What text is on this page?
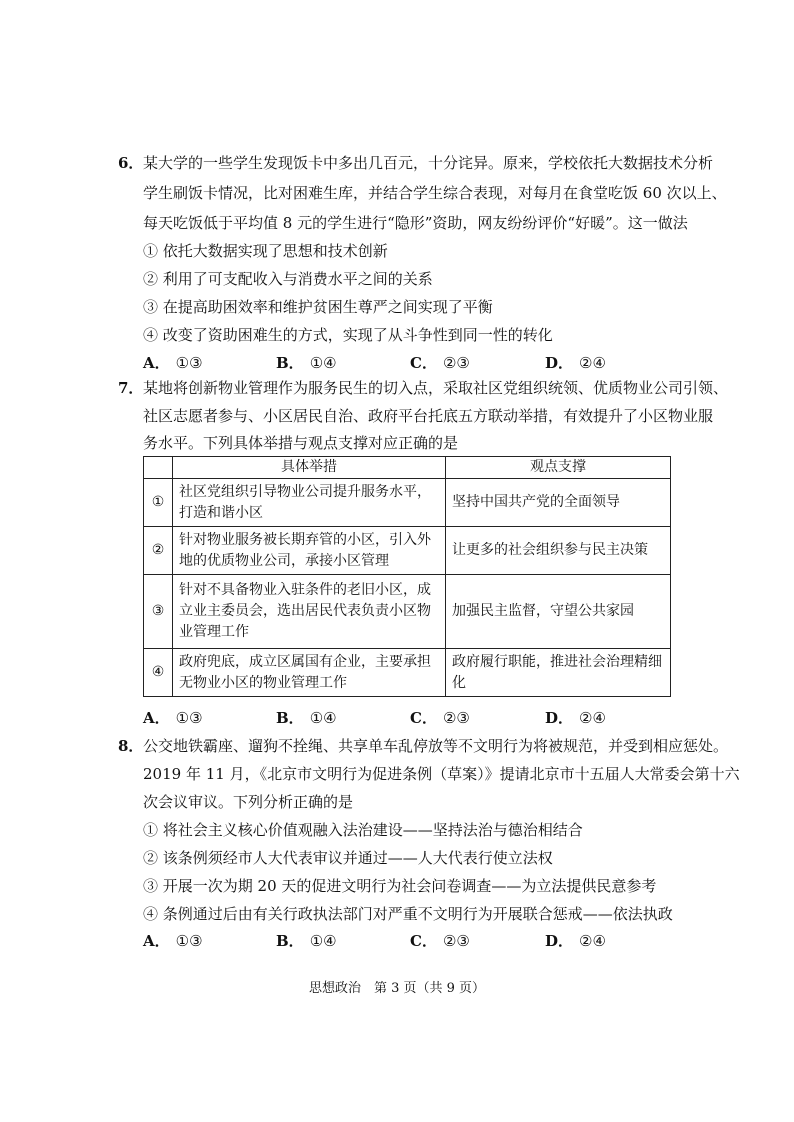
6． 某大学的一些学生发现饭卡中多出几百元，十分诧异。原来，学校依托大数据技术分析
学生刷饭卡情况，比对困难生库，并结合学生综合表现，对每月在食堂吃饭 60 次以上、
每天吃饭低于平均值 8 元的学生进行“隐形”资助，网友纷纷评价“好暖”。这一做法
① 依托大数据实现了思想和技术创新
② 利用了可支配收入与消费水平之间的关系
③ 在提高助困效率和维护贫困生尊严之间实现了平衡
④ 改变了资助困难生的方式，实现了从斗争性到同一性的转化
A． ①③	B． ①④	C． ②③	D． ②④
7． 某地将创新物业管理作为服务民生的切入点，采取社区党组织统领、优质物业公司引领、
社区志愿者参与、小区居民自治、政府平台托底五方联动举措，有效提升了小区物业服
务水平。下列具体举措与观点支撑对应正确的是
	具体举措	观点支撑
①	社区党组织引导物业公司提升服务水平，打造和谐小区	坚持中国共产党的全面领导
②	针对物业服务被长期弃管的小区，引入外地的优质物业公司，承接小区管理	让更多的社会组织参与民主决策
③	针对不具备物业入驻条件的老旧小区，成立业主委员会，选出居民代表负责小区物业管理工作	加强民主监督，守望公共家园
④	政府兜底，成立区属国有企业，主要承担无物业小区的物业管理工作	政府履行职能，推进社会治理精细化
A． ①③	B． ①④	C． ②③	D． ②④
8． 公交地铁霸座、遛狗不拴绳、共享单车乱停放等不文明行为将被规范，并受到相应惩处。
2019 年 11 月，《北京市文明行为促进条例（草案）》提请北京市十五届人大常委会第十六
次会议审议。下列分析正确的是
① 将社会主义核心价值观融入法治建设——坚持法治与德治相结合
② 该条例须经市人大代表审议并通过——人大代表行使立法权
③ 开展一次为期 20 天的促进文明行为社会问卷调查——为立法提供民意参考
④ 条例通过后由有关行政执法部门对严重不文明行为开展联合惩戒——依法执政
A． ①③	B． ①④	C． ②③	D． ②④
思想政治　第 3 页（共 9 页）
